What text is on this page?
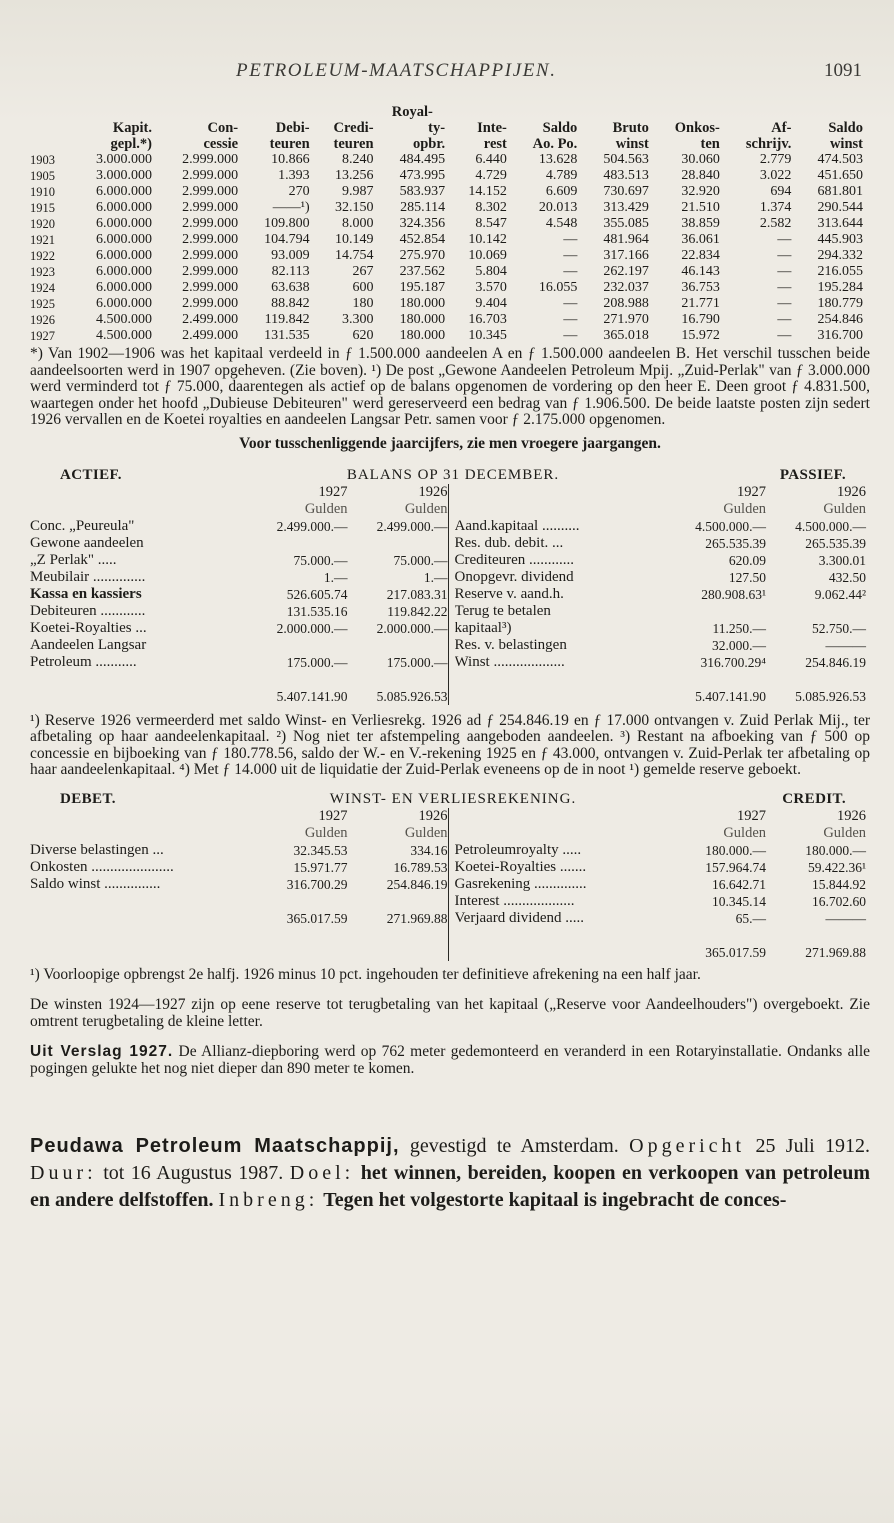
PETROLEUM-MAATSCHAPPIJEN.	1091
					Royal-						
	Kapit.	Con-	Debi-	Credi-	ty-	Inte-	Saldo	Bruto	Onkos-	Af-	Saldo
	gepl.*)	cessie	teuren	teuren	opbr.	rest	Ao. Po.	winst	ten	schrijv.	winst
1903	3.000.000	2.999.000	10.866	8.240	484.495	6.440	13.628	504.563	30.060	2.779	474.503
1905	3.000.000	2.999.000	1.393	13.256	473.995	4.729	4.789	483.513	28.840	3.022	451.650
1910	6.000.000	2.999.000	270	9.987	583.937	14.152	6.609	730.697	32.920	694	681.801
1915	6.000.000	2.999.000	——¹)	32.150	285.114	8.302	20.013	313.429	21.510	1.374	290.544
1920	6.000.000	2.999.000	109.800	8.000	324.356	8.547	4.548	355.085	38.859	2.582	313.644
1921	6.000.000	2.999.000	104.794	10.149	452.854	10.142	—	481.964	36.061	—	445.903
1922	6.000.000	2.999.000	93.009	14.754	275.970	10.069	—	317.166	22.834	—	294.332
1923	6.000.000	2.999.000	82.113	267	237.562	5.804	—	262.197	46.143	—	216.055
1924	6.000.000	2.999.000	63.638	600	195.187	3.570	16.055	232.037	36.753	—	195.284
1925	6.000.000	2.999.000	88.842	180	180.000	9.404	—	208.988	21.771	—	180.779
1926	4.500.000	2.499.000	119.842	3.300	180.000	16.703	—	271.970	16.790	—	254.846
1927	4.500.000	2.499.000	131.535	620	180.000	10.345	—	365.018	15.972	—	316.700

*) Van 1902—1906 was het kapitaal verdeeld in ƒ 1.500.000 aandeelen A en ƒ 1.500.000 aandeelen B. Het verschil tusschen beide aandeelsoorten werd in 1907 opgeheven. (Zie boven). ¹) De post „Gewone Aandeelen Petroleum Mpij. „Zuid-Perlak" van ƒ 3.000.000 werd verminderd tot ƒ 75.000, daarentegen als actief op de balans opgenomen de vordering op den heer E. Deen groot ƒ 4.831.500, waartegen onder het hoofd „Dubieuse Debiteuren" werd gereserveerd een bedrag van ƒ 1.906.500. De beide laatste posten zijn sedert 1926 vervallen en de Koetei royalties en aandeelen Langsar Petr. samen voor ƒ 2.175.000 opgenomen.

Voor tusschenliggende jaarcijfers, zie men vroegere jaargangen.

ACTIEF.	BALANS OP 31 DECEMBER.	PASSIEF.
1927	1926
Gulden	Gulden
Conc. „Peureula"	2.499.000.—	2.499.000.—
Gewone aandeelen
„Z Perlak" .....	75.000.—	75.000.—
Meubilair ..............	1.—	1.—
Kassa en kassiers	526.605.74	217.083.31
Debiteuren ............	131.535.16	119.842.22
Koetei-Royalties ...	2.000.000.—	2.000.000.—
Aandeelen Langsar
Petroleum ...........	175.000.—	175.000.—
5.407.141.90	5.085.926.53
1927	1926
Gulden	Gulden
Aand.kapitaal ..........	4.500.000.—	4.500.000.—
Res. dub. debit. ...	265.535.39	265.535.39
Crediteuren ............	620.09	3.300.01
Onopgevr. dividend	127.50	432.50
Reserve v. aand.h.	280.908.63¹	9.062.44²
Terug te betalen
kapitaal³)	11.250.—	52.750.—
Res. v. belastingen	32.000.—	———
Winst ...................	316.700.29⁴	254.846.19
5.407.141.90	5.085.926.53

¹) Reserve 1926 vermeerderd met saldo Winst- en Verliesrekg. 1926 ad ƒ 254.846.19 en ƒ 17.000 ontvangen v. Zuid Perlak Mij., ter afbetaling op haar aandeelenkapitaal. ²) Nog niet ter afstempeling aangeboden aandeelen. ³) Restant na afboeking van ƒ 500 op concessie en bijboeking van ƒ 180.778.56, saldo der W.- en V.-rekening 1925 en ƒ 43.000, ontvangen v. Zuid-Perlak ter afbetaling op haar aandeelenkapitaal. ⁴) Met ƒ 14.000 uit de liquidatie der Zuid-Perlak eveneens op de in noot ¹) gemelde reserve geboekt.

DEBET.	WINST- EN VERLIESREKENING.	CREDIT.
1927	1926
Gulden	Gulden
Diverse belastingen ...	32.345.53	334.16
Onkosten ......................	15.971.77	16.789.53
Saldo winst ...............	316.700.29	254.846.19
365.017.59	271.969.88
1927	1926
Gulden	Gulden
Petroleumroyalty .....	180.000.—	180.000.—
Koetei-Royalties .......	157.964.74	59.422.36¹
Gasrekening ..............	16.642.71	15.844.92
Interest ...................	10.345.14	16.702.60
Verjaard dividend .....	65.—	———
365.017.59	271.969.88

¹) Voorloopige opbrengst 2e halfj. 1926 minus 10 pct. ingehouden ter definitieve afrekening na een half jaar.

De winsten 1924—1927 zijn op eene reserve tot terugbetaling van het kapitaal („Reserve voor Aandeelhouders") overgeboekt. Zie omtrent terugbetaling de kleine letter.

Uit Verslag 1927. De Allianz-diepboring werd op 762 meter gedemonteerd en veranderd in een Rotaryinstallatie. Ondanks alle pogingen gelukte het nog niet dieper dan 890 meter te komen.

Peudawa Petroleum Maatschappij, gevestigd te Amsterdam. Opgericht 25 Juli 1912. Duur: tot 16 Augustus 1987. Doel: het winnen, bereiden, koopen en verkoopen van petroleum en andere delfstoffen. Inbreng: Tegen het volgestorte kapitaal is ingebracht de conces-
